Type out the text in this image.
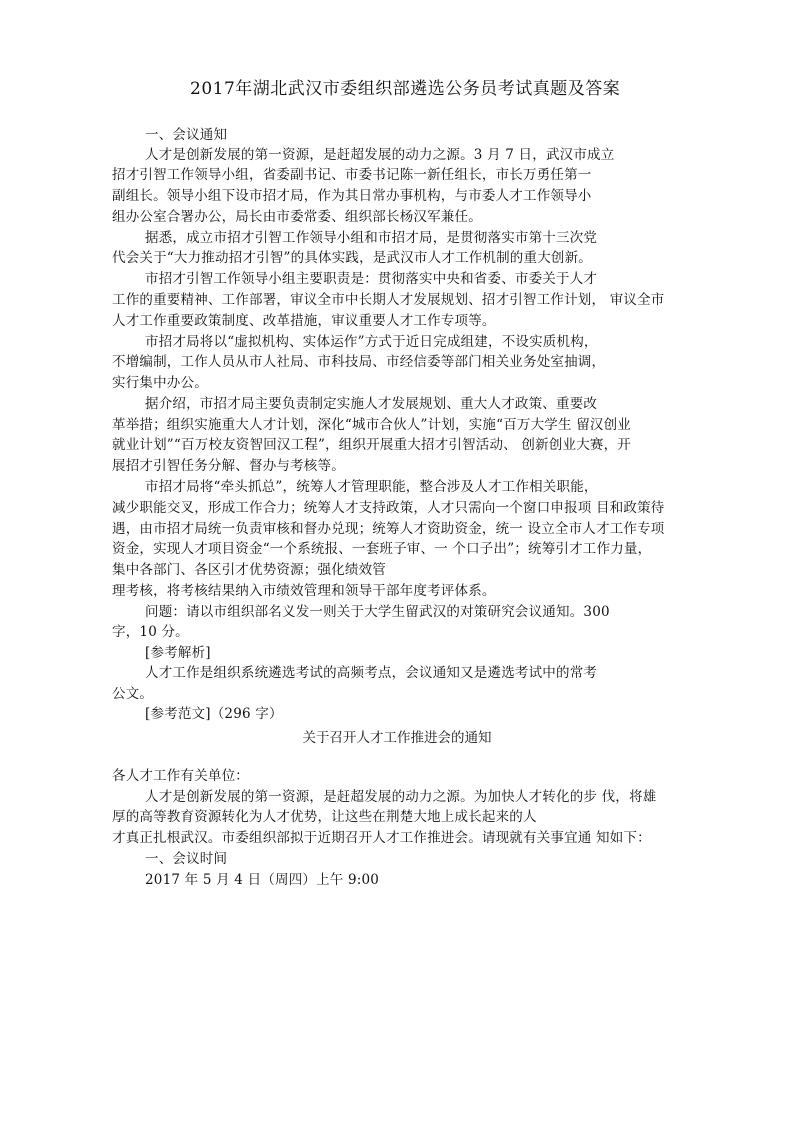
2017年湖北武汉市委组织部遴选公务员考试真题及答案
一、会议通知
人才是创新发展的第一资源，是赶超发展的动力之源。3 月 7 日，武汉市成立
招才引智工作领导小组，省委副书记、市委书记陈一新任组长，市长万勇任第一
副组长。领导小组下设市招才局，作为其日常办事机构，与市委人才工作领导小
组办公室合署办公，局长由市委常委、组织部长杨汉军兼任。
据悉，成立市招才引智工作领导小组和市招才局，是贯彻落实市第十三次党
代会关于“大力推动招才引智”的具体实践，是武汉市人才工作机制的重大创新。
市招才引智工作领导小组主要职责是：贯彻落实中央和省委、市委关于人才
工作的重要精神、工作部署，审议全市中长期人才发展规划、招才引智工作计划， 审议全市
人才工作重要政策制度、改革措施，审议重要人才工作专项等。
市招才局将以“虚拟机构、实体运作”方式于近日完成组建，不设实质机构，
不增编制，工作人员从市人社局、市科技局、市经信委等部门相关业务处室抽调，
实行集中办公。
据介绍，市招才局主要负责制定实施人才发展规划、重大人才政策、重要改
革举措；组织实施重大人才计划，深化“城市合伙人”计划，实施“百万大学生 留汉创业
就业计划”“百万校友资智回汉工程”，组织开展重大招才引智活动、 创新创业大赛，开
展招才引智任务分解、督办与考核等。
市招才局将“牵头抓总”，统筹人才管理职能，整合涉及人才工作相关职能，
减少职能交叉，形成工作合力；统筹人才支持政策，人才只需向一个窗口申报项 目和政策待
遇，由市招才局统一负责审核和督办兑现；统筹人才资助资金，统一 设立全市人才工作专项
资金，实现人才项目资金“一个系统报、一套班子审、一 个口子出”；统筹引才工作力量，
集中各部门、各区引才优势资源；强化绩效管
理考核，将考核结果纳入市绩效管理和领导干部年度考评体系。
问题：请以市组织部名义发一则关于大学生留武汉的对策研究会议通知。300
字，10 分。
[参考解析]
人才工作是组织系统遴选考试的高频考点，会议通知又是遴选考试中的常考
公文。
[参考范文]（296 字）
关于召开人才工作推进会的通知
各人才工作有关单位：
人才是创新发展的第一资源，是赶超发展的动力之源。为加快人才转化的步 伐，将雄
厚的高等教育资源转化为人才优势，让这些在荆楚大地上成长起来的人
才真正扎根武汉。市委组织部拟于近期召开人才工作推进会。请现就有关事宜通 知如下：
一、会议时间
2017 年 5 月 4 日（周四）上午 9:00
